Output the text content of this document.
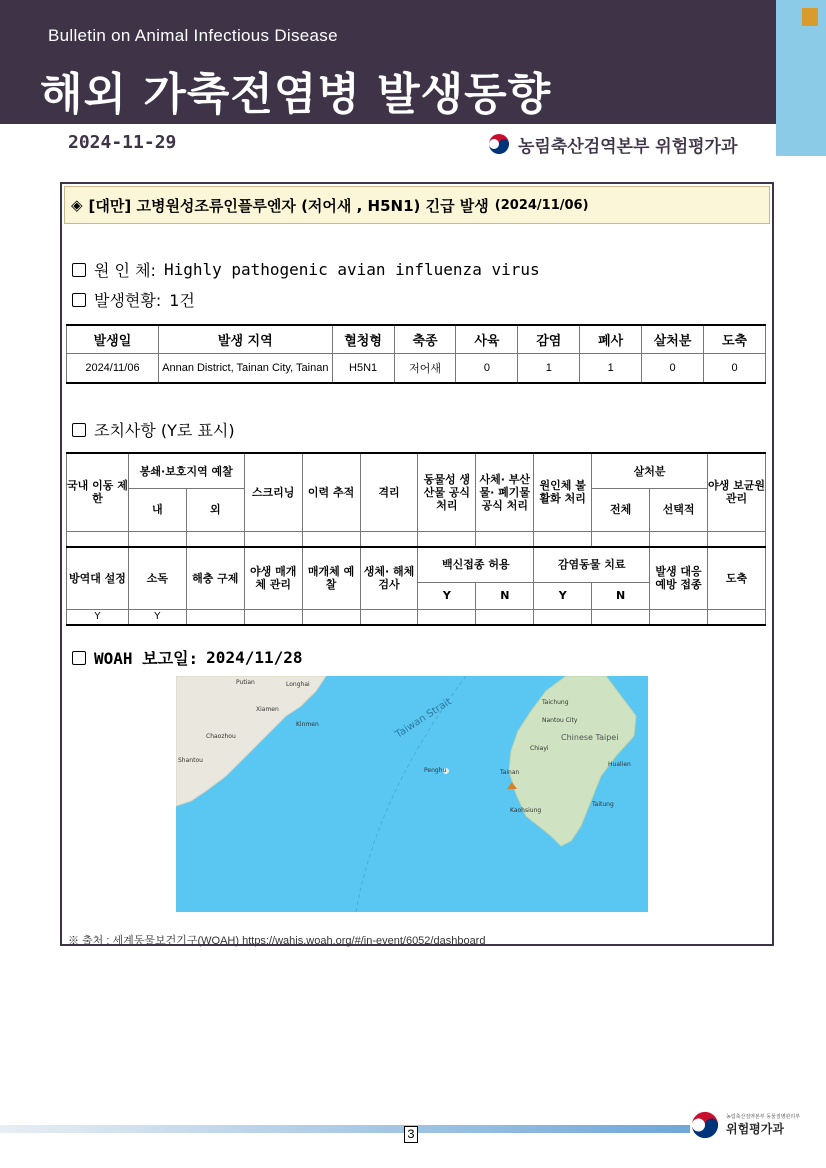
Bulletin on Animal Infectious Disease
해외 가축전염병 발생동향
2024-11-29	농림축산검역본부 위험평가과
◈ [대만] 고병원성조류인플루엔자 (저어새 , H5N1) 긴급 발생 (2024/11/06)
원 인 체: Highly pathogenic avian influenza virus
발생현황: 1건
발생일	발생 지역	혈청형	축종	사육	감염	폐사	살처분	도축
2024/11/06	Annan District, Tainan City, Tainan	H5N1	저어새	0	1	1	0	0
조치사항 (Y로 표시)
국내 이동 제한	봉쇄·보호지역 예찰		스크리닝	이력 추적	격리	동물성 생산물 공식 처리	사체· 부산물· 폐기물 공식 처리	원인체 불활화 처리	살처분		야생 보균원 관리
	내	외							전체	선택적	

방역대 설정	소독	해충 구제	야생 매개체 관리	매개체 예찰	생체· 해체 검사	백신접종 허용		감염동물 치료		발생 대응 예방 접종	도축
						Y	N	Y	N		
Y	Y										
WOAH 보고일: 2024/11/28
Taiwan Strait	Taichung
Nantou City
Chiayi
Chinese Taipei
Tainan
Kaohsiung
Taitung
Hualien
Shantou
Xiamen
Longhai
Chaozhou
Putian
Kinmen
Penghu
※ 출처 : 세계동물보건기구(WOAH) https://wahis.woah.org/#/in-event/6052/dashboard
3
농림축산검역본부 동물질병관리부
위험평가과
